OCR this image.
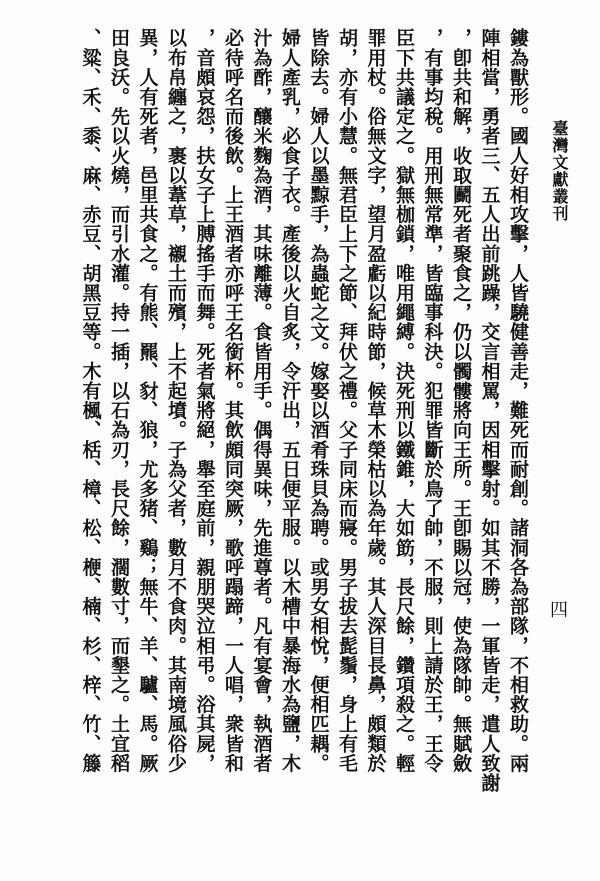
臺灣文獻叢刊
四
鏤為獸形。國人好相攻擊，人皆驍健善走，難死而耐創。諸洞各為部隊，不相救助。兩
陣相當，勇者三、五人出前跳躁，交言相罵，因相擊射。如其不勝，一軍皆走，遣人致謝
，卽共和解，收取鬬死者聚食之，仍以髑髏將向王所。王卽賜以冠，使為隊帥。無賦斂
，有事均稅。用刑無常準，皆臨事科決。犯罪皆斷於鳥了帥，不服，則上請於王，王令
臣下共議定之。獄無枷鎖，唯用繩縛。決死刑以鐵錐，大如筯，長尺餘，鑽項殺之。輕
罪用杖。俗無文字，望月盈虧以紀時節，候草木榮枯以為年歲。其人深目長鼻，頗類於
胡，亦有小慧。無君臣上下之節、拜伏之禮。父子同床而寢。男子拔去髭鬚，身上有毛
皆除去。婦人以墨黥手，為蟲蛇之文。嫁娶以酒肴珠貝為聘。或男女相悅，便相匹耦。
婦人產乳，必食子衣。產後以火自炙，令汗出，五日便平服。以木槽中暴海水為鹽，木
汁為酢，釀米麴為酒，其味離薄。食皆用手。偶得異味，先進尊者。凡有宴會，執酒者
必待呼名而後飲。上王酒者亦呼王名銜杯。其飲頗同突厥，歌呼蹋蹄，一人唱，衆皆和
，音頗哀怨，扶女子上膊搖手而舞。死者氣將絕，舉至庭前，親朋哭泣相弔。浴其屍，
以布帛纏之，裹以葦草，襯土而殯，上不起墳。子為父者，數月不食肉。其南境風俗少
異，人有死者，邑里共食之。有熊、羆、豺、狼，尤多猪、鷄；無牛、羊、驢、馬。厥
田良沃。先以火燒，而引水灌。持一插，以石為刃，長尺餘，濶數寸，而墾之。土宜稻
、粱、禾、黍、麻、赤豆、胡黑豆等。木有楓、栝、樟、松、楩、楠、杉、梓、竹、籐
